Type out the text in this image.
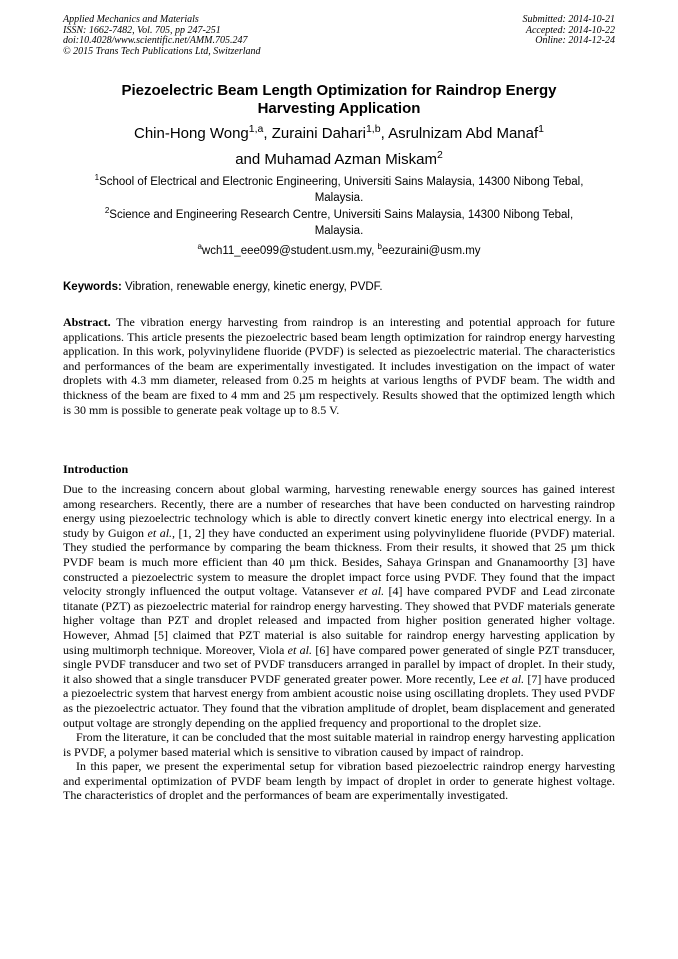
Applied Mechanics and Materials
ISSN: 1662-7482, Vol. 705, pp 247-251
doi:10.4028/www.scientific.net/AMM.705.247
© 2015 Trans Tech Publications Ltd, Switzerland
Submitted: 2014-10-21
Accepted: 2014-10-22
Online: 2014-12-24
Piezoelectric Beam Length Optimization for Raindrop Energy
Harvesting Application
Chin-Hong Wong$^{1,a}$, Zuraini Dahari$^{1,b}$, Asrulnizam Abd Manaf$^1$
and Muhamad Azman Miskam$^2$
$^1$School of Electrical and Electronic Engineering, Universiti Sains Malaysia, 14300 Nibong Tebal,
Malaysia.
$^2$Science and Engineering Research Centre, Universiti Sains Malaysia, 14300 Nibong Tebal,
Malaysia.
$^a$wch11_eee099@student.usm.my, $^b$eezuraini@usm.my
Keywords: Vibration, renewable energy, kinetic energy, PVDF.
Abstract. The vibration energy harvesting from raindrop is an interesting and potential approach for future applications. This article presents the piezoelectric based beam length optimization for raindrop energy harvesting application. In this work, polyvinylidene fluoride (PVDF) is selected as piezoelectric material. The characteristics and performances of the beam are experimentally investigated. It includes investigation on the impact of water droplets with 4.3 mm diameter, released from 0.25 m heights at various lengths of PVDF beam. The width and thickness of the beam are fixed to 4 mm and 25 µm respectively. Results showed that the optimized length which is 30 mm is possible to generate peak voltage up to 8.5 V.
Introduction

Due to the increasing concern about global warming, harvesting renewable energy sources has gained interest among researchers. Recently, there are a number of researches that have been conducted on harvesting raindrop energy using piezoelectric technology which is able to directly convert kinetic energy into electrical energy. In a study by Guigon et al., [1, 2] they have conducted an experiment using polyvinylidene fluoride (PVDF) material. They studied the performance by comparing the beam thickness. From their results, it showed that 25 µm thick PVDF beam is much more efficient than 40 µm thick. Besides, Sahaya Grinspan and Gnanamoorthy [3] have constructed a piezoelectric system to measure the droplet impact force using PVDF. They found that the impact velocity strongly influenced the output voltage. Vatansever et al. [4] have compared PVDF and Lead zirconate titanate (PZT) as piezoelectric material for raindrop energy harvesting. They showed that PVDF materials generate higher voltage than PZT and droplet released and impacted from higher position generated higher voltage. However, Ahmad [5] claimed that PZT material is also suitable for raindrop energy harvesting application by using multimorph technique. Moreover, Viola et al. [6] have compared power generated of single PZT transducer, single PVDF transducer and two set of PVDF transducers arranged in parallel by impact of droplet. In their study, it also showed that a single transducer PVDF generated greater power. More recently, Lee et al. [7] have produced a piezoelectric system that harvest energy from ambient acoustic noise using oscillating droplets. They used PVDF as the piezoelectric actuator. They found that the vibration amplitude of droplet, beam displacement and generated output voltage are strongly depending on the applied frequency and proportional to the droplet size.

From the literature, it can be concluded that the most suitable material in raindrop energy harvesting application is PVDF, a polymer based material which is sensitive to vibration caused by impact of raindrop.

In this paper, we present the experimental setup for vibration based piezoelectric raindrop energy harvesting and experimental optimization of PVDF beam length by impact of droplet in order to generate highest voltage. The characteristics of droplet and the performances of beam are experimentally investigated.
